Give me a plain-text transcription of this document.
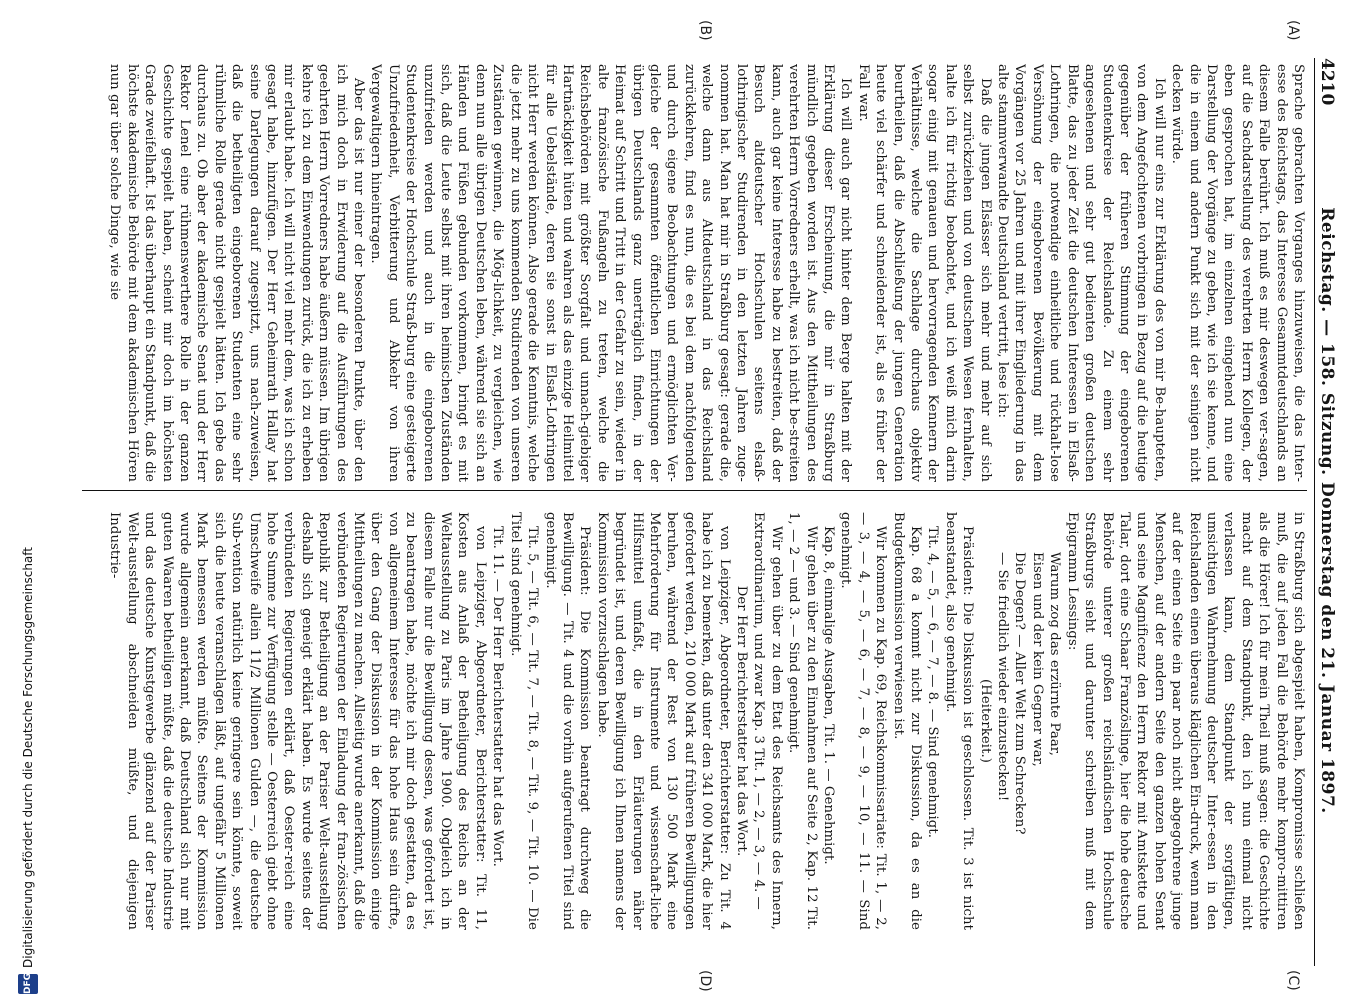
4210
Reichstag. — 158. Sitzung. Donnerstag den 21. Januar 1897.
(A)
(B)
(C)
(D)

Sprache gebrachten Vorganges hinzuweisen, die das Inter-esse des Reichstags, das Interesse Gesammtdeutschlands an diesem Falle berührt. Ich muß es mir deswegen ver-sagen, auf die Sachdarstellung des verehrten Herrn Kollegen, der eben gesprochen hat, im einzelnen eingehend nun eine Darstellung der Vorgänge zu geben, wie ich sie kenne, und die in einem und andern Punkt sich mit der seinigen nicht decken würde.

Ich will nur eins zur Erklärung des von mir Be-haupteten, von dem Angefochtenen vorbringen in Bezug auf die heutige gegenüber der früheren Stimmung der eingeborenen Studentenkreise der Reichslande. Zu einem sehr angesehenen und sehr gut bedienten großen deutschen Blatte, das zu jeder Zeit die deutschen Interessen in Elsaß-Lothringen, die notwendige einheitliche und rückhalt-lose Versöhnung der eingeborenen Bevölkerung mit dem Vorgängen vor 25 Jahren und mit ihrer Eingliederung in das alte stammverwandte Deutschland vertritt, lese ich:

Daß die jungen Elsässer sich mehr und mehr auf sich selbst zurückziehen und von deutschem Wesen fernhalten, halte ich für richtig beobachtet, und ich weiß mich darin sogar einig mit genauen und hervorragenden Kennern der Verhältnisse, welche die Sachlage durchaus objektiv beurtheilen, daß die Abschließung der jungen Generation heute viel schärfer und schneidender ist, als es früher der Fall war.

Ich will auch gar nicht hinter dem Berge halten mit der Erklärung dieser Erscheinung, die mir in Straßburg mündlich gegeben worden ist. Aus den Mittheilungen des verehrten Herrn Vorredners erhellt, was ich nicht be-streiten kann, auch gar keine Interesse habe zu bestreiten, daß der Besuch altdeutscher Hochschulen seitens elsaß-lothringischer Studirenden in den letzten Jahren zuge-nommen hat. Man hat mir in Straßburg gesagt: gerade die, welche dann aus Altdeutschland in das Reichsland zurückkehren, find es nun, die es bei dem nachfolgenden und durch eigene Beobachtungen und ermöglichten Ver-gleiche der gesammten öffentlichen Einrichtungen der übrigen Deutschlands ganz unerträglich finden, in der Heimat auf Schritt und Tritt in der Gefahr zu sein, wieder in alte französische Fußangeln zu treten, welche die Reichsbehörden mit größter Sorgfalt und unnach-giebiger Hartnäckigkeit hüten und wahren als das einzige Heilmittel für alle Uebelstände, deren sie sonst in Elsaß-Lothringen nicht Herr werden können. Also gerade die Kenntnis, welche die jetzt mehr zu uns kommenden Studirenden von unseren Zuständen gewinnen, die Mög-lichkeit, zu vergleichen, wie denn nun alle übrigen Deutschen leben, während sie sich an Händen und Füßen gebunden vorkommen, bringt es mit sich, daß die Leute selbst mit ihren heimischen Zuständen unzufrieden werden und auch in die eingeborenen Studentenkreise der Hochschule Straß-burg eine gesteigerte Unzufriedenheit, Verbitterung und Abkehr von ihren Vergewaltigern hineintragen.

Aber das ist nur einer der besonderen Punkte, über den ich mich doch in Erwiderung auf die Ausführungen des geehrten Herrn Vorredners habe äußern müssen. Im übrigen kehre ich zu dem Einwendungen zurück, die ich zu erheben mir erlaubt habe. Ich will nicht viel mehr dem, was ich schon gesagt habe, hinzufügen. Der Herr Geheimrath Hallay hat seine Darlegungen darauf zugespitzt, uns nach-zuweisen, daß die betheiligten eingeborenen Studenten eine sehr rühmliche Rolle gerade nicht gespielt hätten. Ich gebe das durchaus zu. Ob aber der akademische Senat und der Herr Rektor Lenel eine rühmenswerthere Rolle in der ganzen Geschichte gespielt haben, scheint mir doch im höchsten Grade zweifelhaft. Ist das überhaupt ein Standpunkt, daß die höchste akademische Behörde mit dem akademischen Hören nun gar über solche Dinge, wie sie

in Straßburg sich abgespielt haben, Kompromisse schließen muß, die auf jeden Fall die Behörde mehr kompro-mittiren als die Hörer! Ich für mein Theil muß sagen: die Geschichte macht auf dem Standpunkt, den ich nun einmal nicht verlassen kann, dem Standpunkt der sorgfältigen, umsichtigen Wahrnehmung deutscher Inter-essen in den Reichslanden einen überaus kläglichen Ein-druck, wenn man auf der einen Seite ein paar noch nicht abgegohrene junge Menschen, auf der andern Seite den ganzen hohen Senat und seine Magnificenz den Herrn Rektor mit Amtskette und Talar, dort eine Schaar Französlinge, hier die hohe deutsche Behörde unterer großen reichsländischen Hochschule Straßburgs sieht und darunter schreiben muß mit dem Epigramm Lessings:

Warum zog das erzürnte Paar,

Eisen und der kein Gegner war,

Die Degen? — Aller Welt zum Schrecken?

— Sie friedlich wieder einzustecken!

(Heiterkeit.)

Präsident: Die Diskussion ist geschlossen. Tit. 3 ist nicht beanstandet, also genehmigt.

Tit. 4, — 5, — 6, — 7, — 8. — Sind genehmigt.

Kap. 68 a kommt nicht zur Diskussion, da es an die Budgetkommission verwiesen ist.

Wir kommen zu Kap. 69, Reichskommissariate: Tit. 1, — 2, — 3, — 4, — 5, — 6, — 7, — 8, — 9, — 10, — 11. — Sind genehmigt.

Kap. 8, einmalige Ausgaben, Tit. 1. — Genehmigt.

Wir gehen über zu den Einnahmen auf Seite 2, Kap. 12 Tit. 1, — 2 — und 3. — Sind genehmigt.

Wir gehen über zu dem Etat des Reichsamts des Innern, Extraordinarium, und zwar Kap. 3 Tit. 1, — 2, — 3, — 4. —

Der Herr Berichterstatter hat das Wort.

von Leipziger, Abgeordneter, Berichterstatter: Zu Tit. 4 habe ich zu bemerken, daß unter den 341 000 Mark, die hier gefordert werden, 210 000 Mark auf früheren Bewilligungen beruhen, während der Rest von 130 500 Mark eine Mehrforderung für Instrumente und wissenschaft-liche Hilfsmittel umfaßt, die in den Erläuterungen näher begründet ist, und deren Bewilligung ich Ihnen namens der Kommission vorzuschlagen habe.

Präsident: Die Kommission beantragt durchweg die Bewilligung. — Tit. 4 und die vorhin aufgerufenen Titel sind genehmigt.

Tit. 5, — Tit. 6, — Tit. 7, — Tit. 8, — Tit. 9, — Tit. 10. — Die Titel sind genehmigt.

Tit. 11. — Der Herr Berichterstatter hat das Wort.

von Leipziger, Abgeordneter, Berichterstatter: Tit. 11, Kosten aus Anlaß der Betheiligung des Reichs an der Weltausstellung zu Paris im Jahre 1900. Obgleich ich in diesem Falle nur die Bewilligung dessen, was gefordert ist, zu beantragen habe, möchte ich mir doch gestatten, da es von allgemeinem Interesse für das hohe Haus sein dürfte, über den Gang der Diskussion in der Kommission einige Mittheilungen zu machen. Allseitig wurde anerkannt, daß die verbündeten Regierungen der Einladung der fran-zösischen Republik zur Betheiligung an der Pariser Welt-ausstellung deshalb sich geneigt erklärt haben. Es wurde seitens der verbündeten Regierungen erklärt, daß Oester-reich eine hohe Summe zur Verfügung stelle — Oesterreich giebt ohne Umschweife allein 11/2 Millionen Gulden —, die deutsche Sub-vention natürlich keine geringere sein könnte, soweit sich die heute veranschlagen läßt, auf ungefähr 5 Millionen Mark bemessen werden müßte. Seitens der Kommission wurde allgemein anerkannt, daß Deutschland sich nur mit guten Waaren betheiligen müßte, daß die deutsche Industrie und das deutsche Kunstgewerbe glänzend auf der Pariser Welt-ausstellung abschneiden müßte, und diejenigen Industrie-

DFG
Digitalisierung gefördert durch die Deutsche Forschungsgemeinschaft
